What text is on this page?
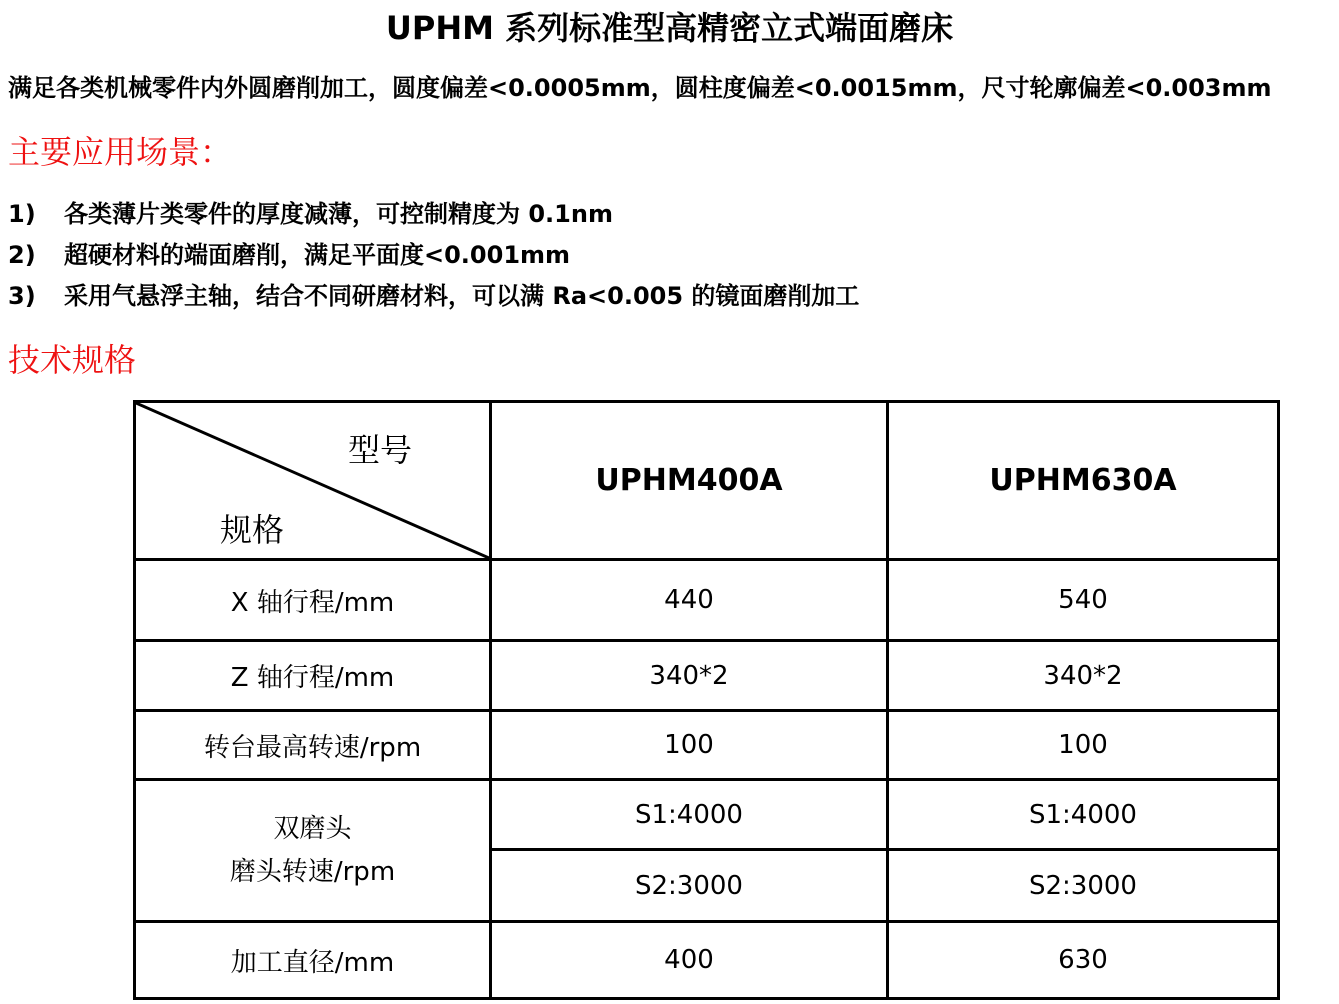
UPHM 系列标准型高精密立式端面磨床
满足各类机械零件内外圆磨削加工，圆度偏差<0.0005mm，圆柱度偏差<0.0015mm，尺寸轮廓偏差<0.003mm
主要应用场景：
1) 各类薄片类零件的厚度减薄，可控制精度为 0.1nm
2) 超硬材料的端面磨削，满足平面度<0.001mm
3) 采用气悬浮主轴，结合不同研磨材料，可以满 Ra<0.005 的镜面磨削加工
技术规格
型号
规格	UPHM400A	UPHM630A
X 轴行程/mm	440	540
Z 轴行程/mm	340*2	340*2
转台最高转速/rpm	100	100

双磨头
磨头转速/rpm	S1:4000	S1:4000
	S2:3000	S2:3000
加工直径/mm	400	630
